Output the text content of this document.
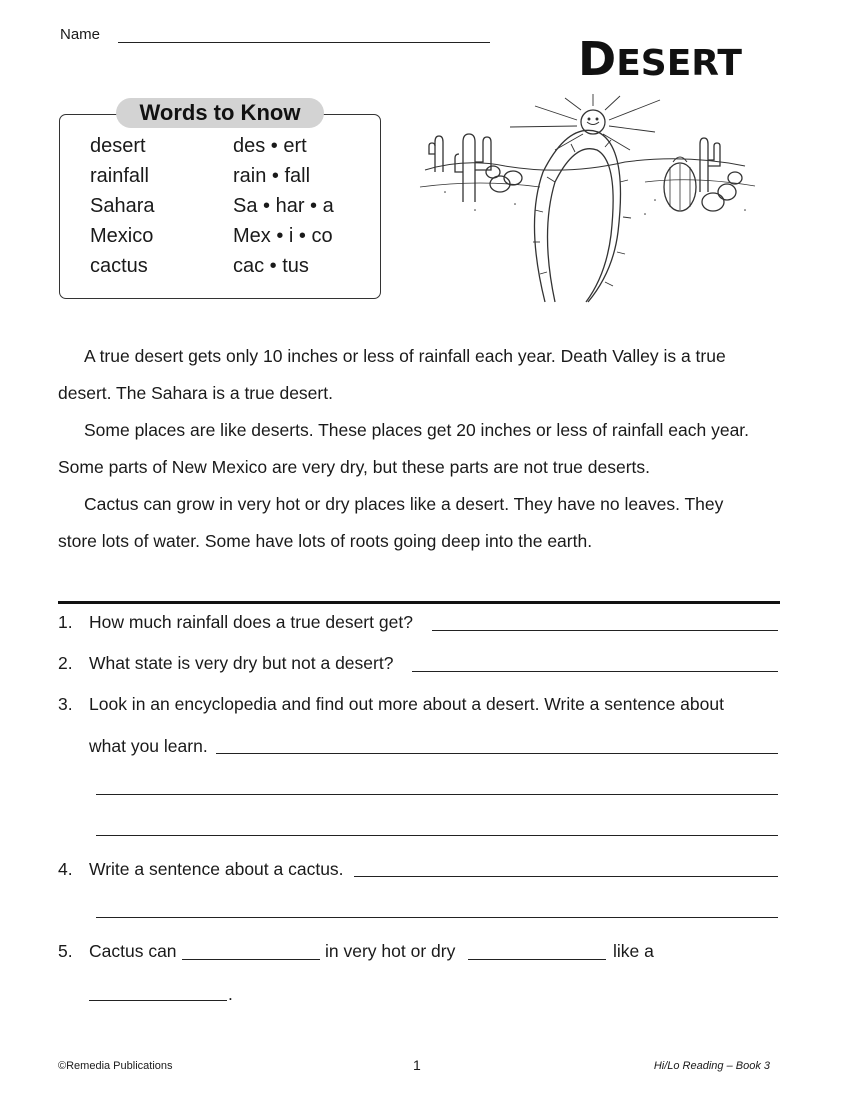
Name	DESERT
Words to Know
desert	des • ert
rainfall	rain • fall
Sahara	Sa • har • a
Mexico	Mex • i • co
cactus	cac • tus
A true desert gets only 10 inches or less of rainfall each year. Death Valley is a true
desert. The Sahara is a true desert.
Some places are like deserts. These places get 20 inches or less of rainfall each year.
Some parts of New Mexico are very dry, but these parts are not true deserts.
Cactus can grow in very hot or dry places like a desert. They have no leaves. They
store lots of water. Some have lots of roots going deep into the earth.
1. How much rainfall does a true desert get?
2. What state is very dry but not a desert?
3. Look in an encyclopedia and find out more about a desert. Write a sentence about
what you learn.
4. Write a sentence about a cactus.
5. Cactus can	in very hot or dry	like a
.
©Remedia Publications	1	Hi/Lo Reading – Book 3
